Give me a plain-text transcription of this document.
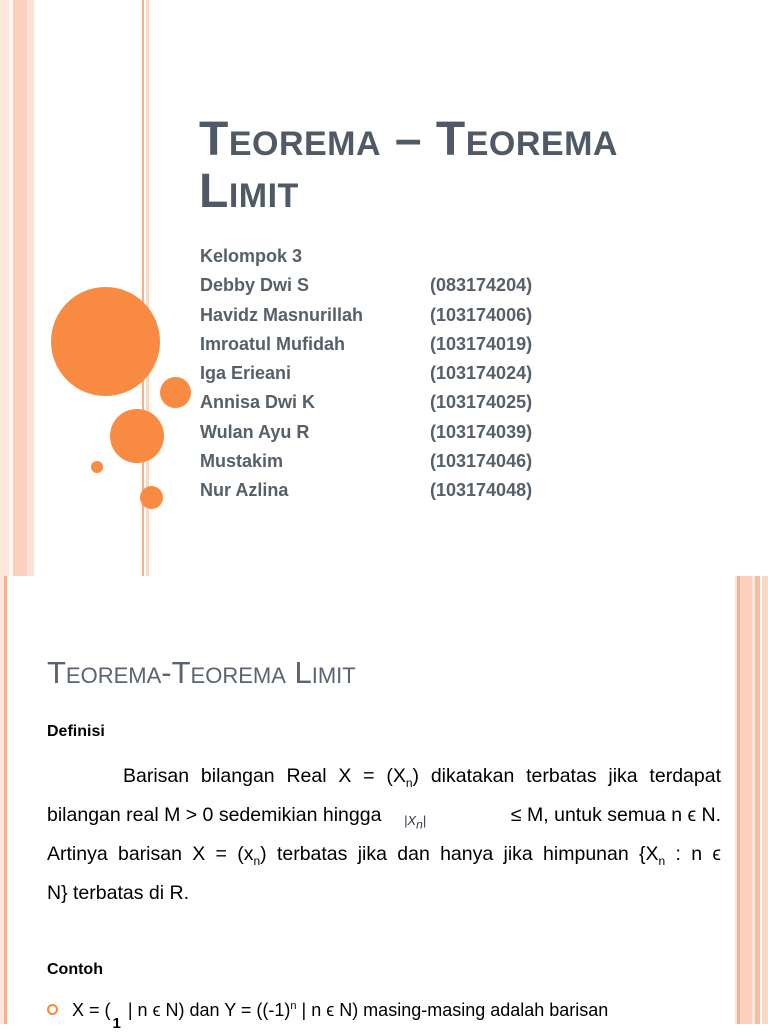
Teorema – Teorema
Limit
Kelompok 3
Debby Dwi S	(083174204)
Havidz Masnurillah	(103174006)
Imroatul Mufidah	(103174019)
Iga Erieani	(103174024)
Annisa Dwi K	(103174025)
Wulan Ayu R	(103174039)
Mustakim	(103174046)
Nur Azlina	(103174048)
Teorema-Teorema Limit
Definisi
Barisan bilangan Real $X = (X_n)$ dikatakan terbatas jika terdapat
bilangan real M > 0 sedemikian hingga $|X_n|$	≤ M, untuk semua n ϵ N.
Artinya barisan $X = (x_n)$ terbatas jika dan hanya jika himpunan {$X_n$ : n ϵ
N} terbatas di R.
Contoh
$X = (_1$ | n ϵ N) dan $Y = ((-1)^n$ | n ϵ N) masing-masing adalah barisan
